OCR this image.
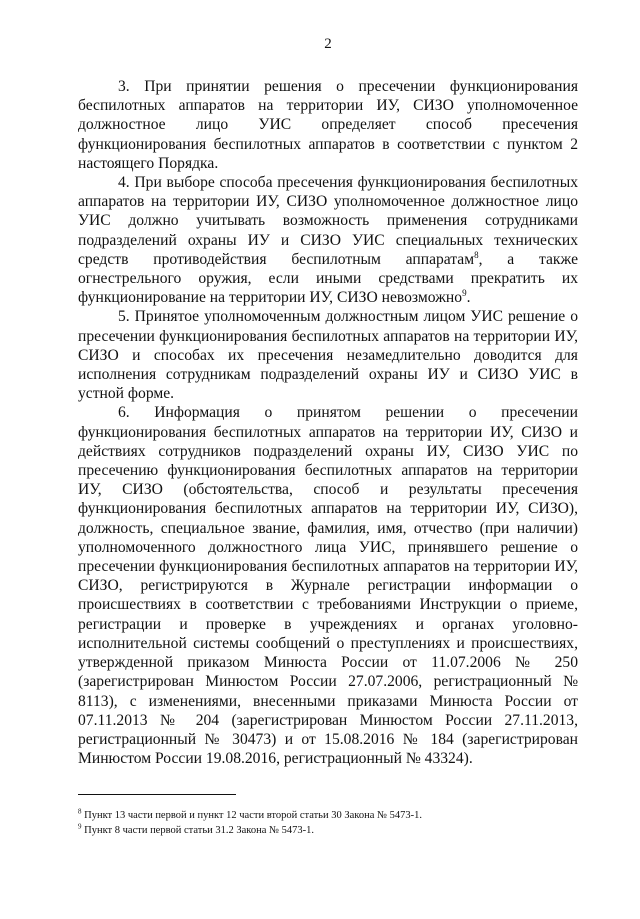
2

3. При принятии решения о пресечении функционирования беспилотных аппаратов на территории ИУ, СИЗО уполномоченное должностное лицо УИС определяет способ пресечения функционирования беспилотных аппаратов в соответствии с пунктом 2 настоящего Порядка.

4. При выборе способа пресечения функционирования беспилотных аппаратов на территории ИУ, СИЗО уполномоченное должностное лицо УИС должно учитывать возможность применения сотрудниками подразделений охраны ИУ и СИЗО УИС специальных технических средств противодействия беспилотным аппаратам$^8$, а также огнестрельного оружия, если иными средствами прекратить их функционирование на территории ИУ, СИЗО невозможно$^9$.

5. Принятое уполномоченным должностным лицом УИС решение о пресечении функционирования беспилотных аппаратов на территории ИУ, СИЗО и способах их пресечения незамедлительно доводится для исполнения сотрудникам подразделений охраны ИУ и СИЗО УИС в устной форме.

6. Информация о принятом решении о пресечении функционирования беспилотных аппаратов на территории ИУ, СИЗО и действиях сотрудников подразделений охраны ИУ, СИЗО УИС по пресечению функционирования беспилотных аппаратов на территории ИУ, СИЗО (обстоятельства, способ и результаты пресечения функционирования беспилотных аппаратов на территории ИУ, СИЗО), должность, специальное звание, фамилия, имя, отчество (при наличии) уполномоченного должностного лица УИС, принявшего решение о пресечении функционирования беспилотных аппаратов на территории ИУ, СИЗО, регистрируются в Журнале регистрации информации о происшествиях в соответствии с требованиями Инструкции о приеме, регистрации и проверке в учреждениях и органах уголовно-исполнительной системы сообщений о преступлениях и происшествиях, утвержденной приказом Минюста России от 11.07.2006 № 250 (зарегистрирован Минюстом России 27.07.2006, регистрационный № 8113), с изменениями, внесенными приказами Минюста России от 07.11.2013 № 204 (зарегистрирован Минюстом России 27.11.2013, регистрационный № 30473) и от 15.08.2016 № 184 (зарегистрирован Минюстом России 19.08.2016, регистрационный № 43324).

$^8$ Пункт 13 части первой и пункт 12 части второй статьи 30 Закона № 5473-1.

$^9$ Пункт 8 части первой статьи 31.2 Закона № 5473-1.
